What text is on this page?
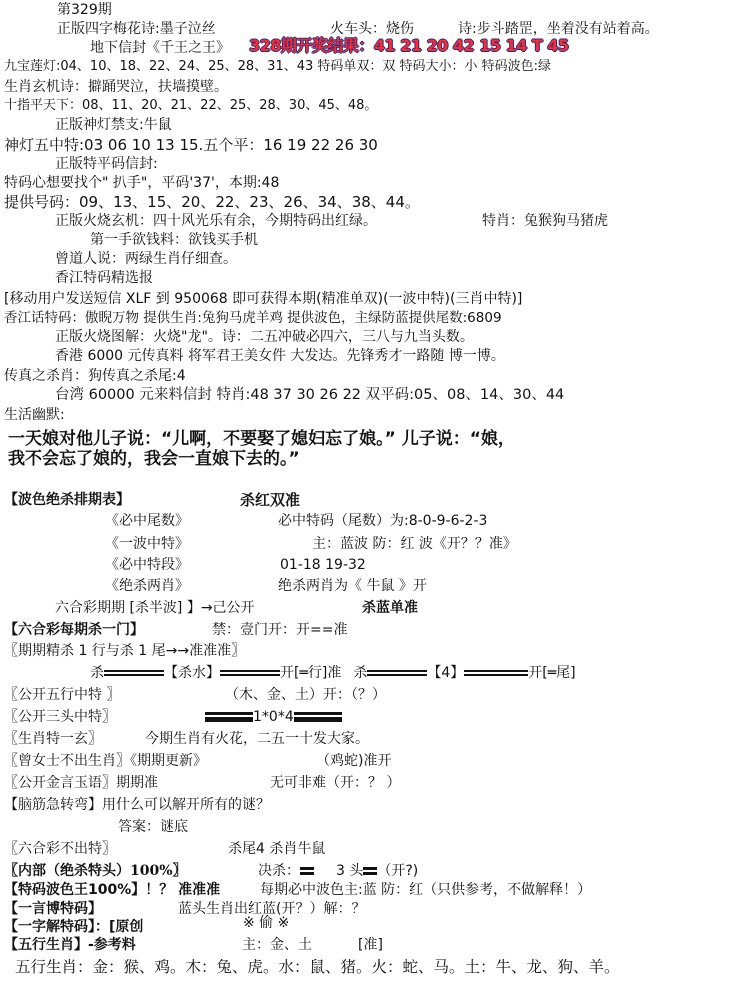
第329期
正版四字梅花诗:墨子泣丝	火车头：烧伤	诗:步斗踏罡，坐着没有站着高。
地下信封《千王之王》 328期开奖结果：41 21 20 42 15 14 T 45
九宝莲灯:04、10、18、22、24、25、28、31、43 特码单双：双 特码大小：小 特码波色:绿
生肖玄机诗：擗踊哭泣，扶墙摸壁。
十指平天下：08、11、20、21、22、25、28、30、45、48。
正版神灯禁支:牛鼠
神灯五中特:03 06 10 13 15.五个平：16 19 22 26 30
正版特平码信封:
特码心想要找个" 扒手"，平码'37'，本期:48
提供号码：09、13、15、20、22、23、26、34、38、44。
正版火烧玄机：四十风光乐有余，今期特码出红绿。	特肖：兔猴狗马猪虎
第一手欲钱料：欲钱买手机
曾道人说：两绿生肖仔细查。
香江特码精选报
[移动用户发送短信 XLF 到 950068 即可获得本期(精准单双)(一波中特)(三肖中特)]
香江话特码：傲睨万物 提供生肖:兔狗马虎羊鸡 提供波色，主绿防蓝提供尾数:6809
正版火烧图解：火烧"龙"。诗：二五冲破必四六，三八与九当头数。
香港 6000 元传真料 将军君王美女件 大发达。先锋秀才一路随 博一博。
传真之杀肖：狗传真之杀尾:4
台湾 60000 元来料信封 特肖:48 37 30 26 22 双平码:05、08、14、30、44
生活幽默:
一天娘对他儿子说：“儿啊，不要娶了媳妇忘了娘。” 儿子说：“娘，
我不会忘了娘的，我会一直娘下去的。”
【波色绝杀排期表】	杀红双准
《必中尾数》	必中特码（尾数）为:8-0-9-6-2-3
《一波中特》	主：蓝波 防：红 波《开？？准》
《必中特段》	01-18 19-32
《绝杀两肖》	绝杀两肖为《 牛鼠 》开
六合彩期期 [杀半波] 】→己公开	杀蓝单准
【六合彩每期杀一门】	禁：壹门开：开==准
〖期期精杀 1 行与杀 1 尾→→准准准〗
杀	【杀水】	开[═行]准 杀	【4】	开[═尾]
〖公开五行中特 〗	（木、金、土）开：（？）
〖公开三头中特〗	1*0*4
〖生肖特一玄〗	今期生肖有火花，二五一十发大家。
〖曾女士不出生肖〗《期期更新》	（鸡蛇)准开
〖公开金言玉语〗期期准	无可非难（开：？ ）
【脑筋急转弯】用什么可以解开所有的谜？
答案：谜底
〖六合彩不出特〗	杀尾4 杀肖牛鼠
〖内部（绝杀特头）100%〗	决杀：	3 头 （开?)
【特码波色王100%】！？ 准准准	每期必中波色主:蓝 防：红（只供参考，不做解释！）
【一言博特码】	蓝头生肖出红蓝(开？）解：？
【一字解特码】：[原创	※ 偷 ※
【五行生肖】-参考料	主：金、土	[准]
五行生肖：金：猴、鸡。木：兔、虎。水：鼠、猪。火：蛇、马。土：牛、龙、狗、羊。
